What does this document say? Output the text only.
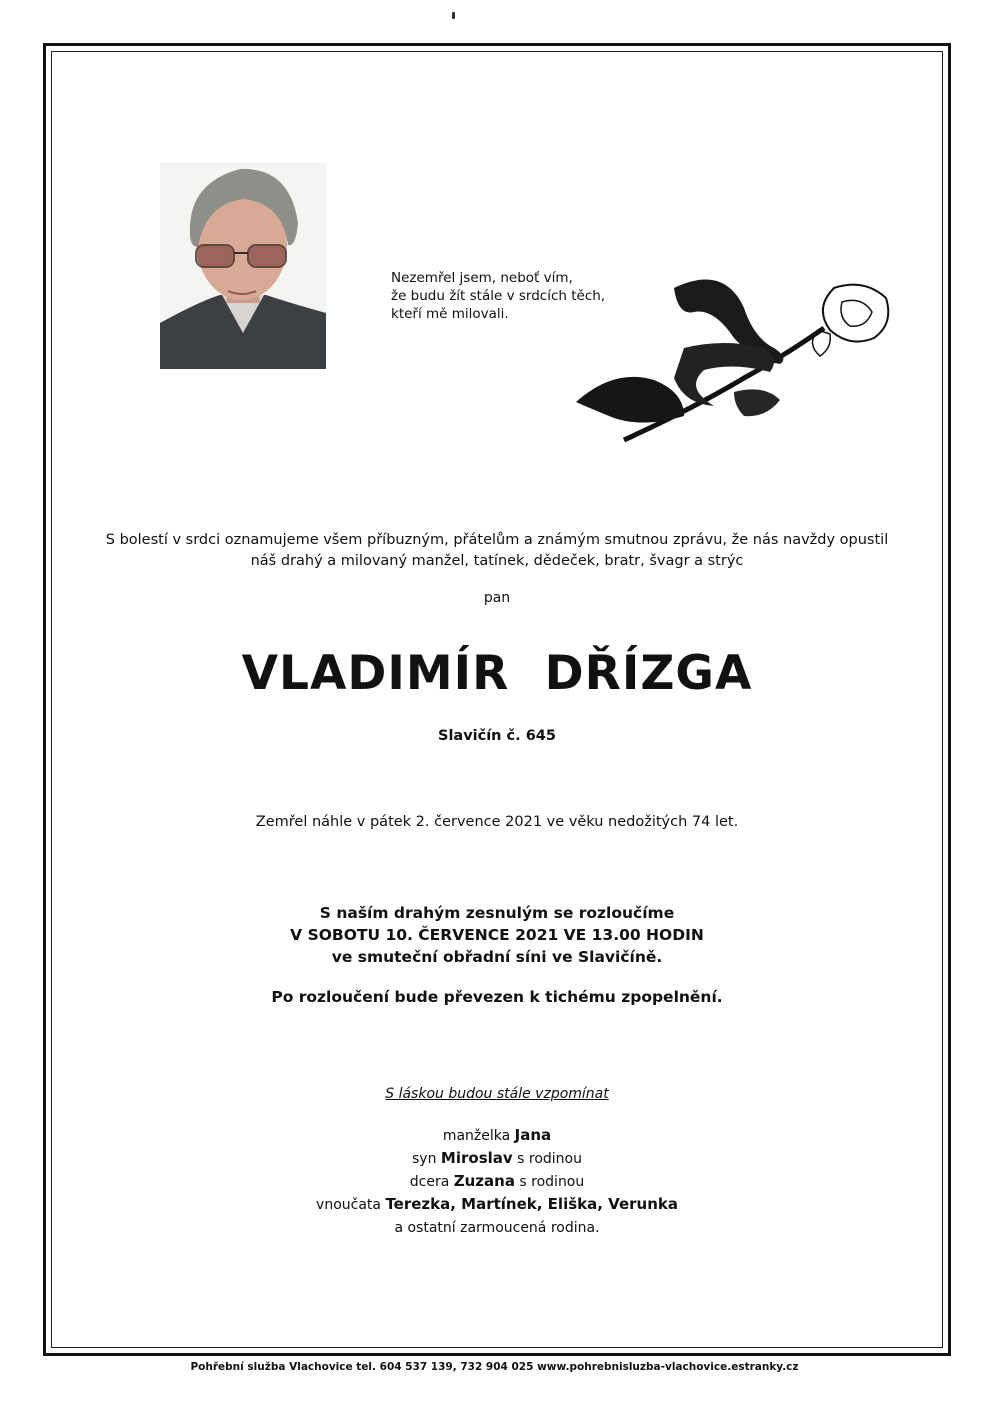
Nezemřel jsem, neboť vím,
že budu žít stále v srdcích těch,
kteří mě milovali.
S bolestí v srdci oznamujeme všem příbuzným, přátelům a známým smutnou zprávu, že nás navždy opustil
náš drahý a milovaný manžel, tatínek, dědeček, bratr, švagr a strýc
pan
VLADIMÍR DŘÍZGA
Slavičín č. 645
Zemřel náhle v pátek 2. července 2021 ve věku nedožitých 74 let.
S naším drahým zesnulým se rozloučíme
V SOBOTU 10. ČERVENCE 2021 VE 13.00 HODIN
ve smuteční obřadní síni ve Slavičíně.
Po rozloučení bude převezen k tichému zpopelnění.
S láskou budou stále vzpomínat
manželka Jana
syn Miroslav s rodinou
dcera Zuzana s rodinou
vnoučata Terezka, Martínek, Eliška, Verunka
a ostatní zarmoucená rodina.
Pohřební služba Vlachovice tel. 604 537 139, 732 904 025 www.pohrebnisluzba-vlachovice.estranky.cz
